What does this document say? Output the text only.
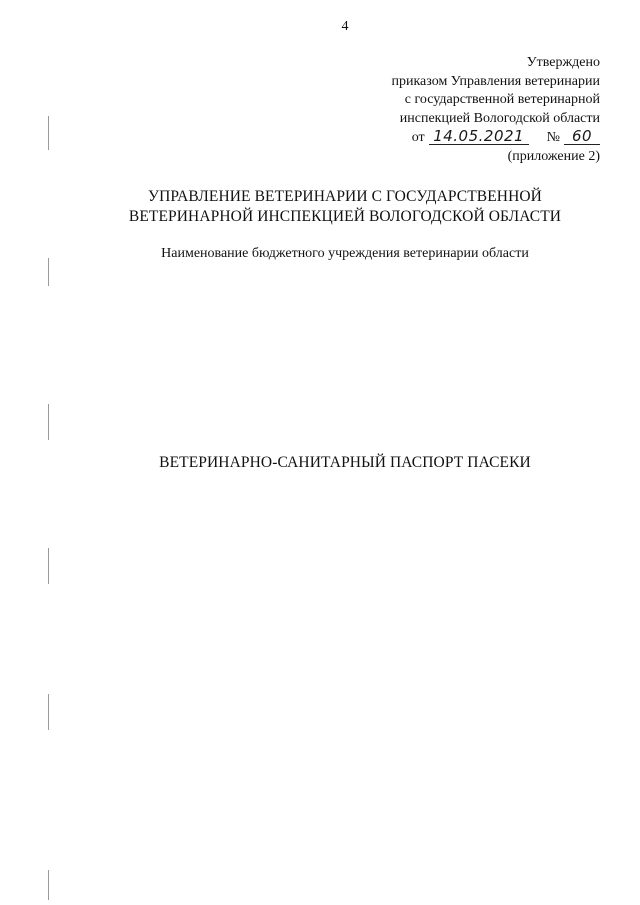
4
Утверждено
приказом Управления ветеринарии
с государственной ветеринарной
инспекцией Вологодской области
от 14.05.2021 № 60
(приложение 2)
УПРАВЛЕНИЕ ВЕТЕРИНАРИИ С ГОСУДАРСТВЕННОЙ
ВЕТЕРИНАРНОЙ ИНСПЕКЦИЕЙ ВОЛОГОДСКОЙ ОБЛАСТИ
Наименование бюджетного учреждения ветеринарии области
ВЕТЕРИНАРНО-САНИТАРНЫЙ ПАСПОРТ ПАСЕКИ
